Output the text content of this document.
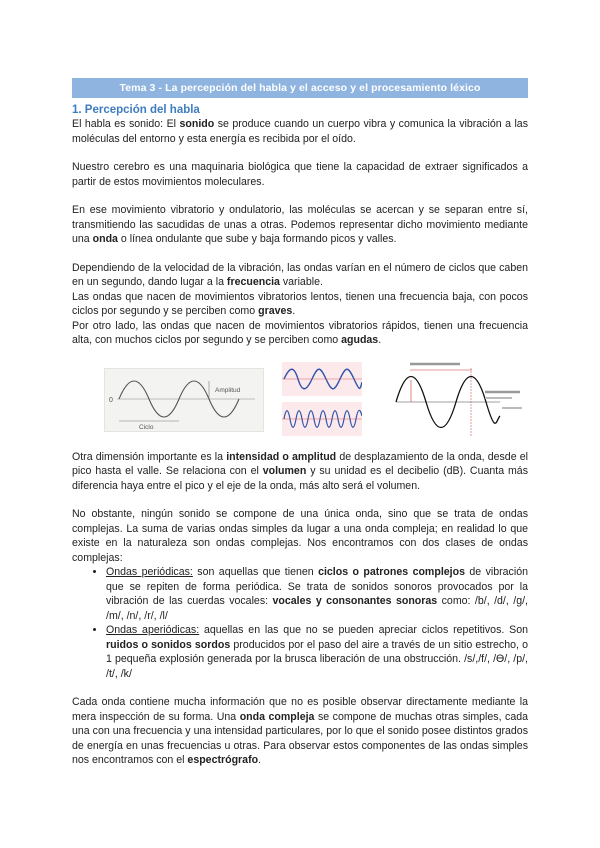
Tema 3 - La percepción del habla y el acceso y el procesamiento léxico
1. Percepción del habla

El habla es sonido: El sonido se produce cuando un cuerpo vibra y comunica la vibración a las moléculas del entorno y esta energía es recibida por el oído.

Nuestro cerebro es una maquinaria biológica que tiene la capacidad de extraer significados a partir de estos movimientos moleculares.

En ese movimiento vibratorio y ondulatorio, las moléculas se acercan y se separan entre sí, transmitiendo las sacudidas de unas a otras. Podemos representar dicho movimiento mediante una onda o línea ondulante que sube y baja formando picos y valles.

Dependiendo de la velocidad de la vibración, las ondas varían en el número de ciclos que caben en un segundo, dando lugar a la frecuencia variable.

Las ondas que nacen de movimientos vibratorios lentos, tienen una frecuencia baja, con pocos ciclos por segundo y se perciben como graves.

Por otro lado, las ondas que nacen de movimientos vibratorios rápidos, tienen una frecuencia alta, con muchos ciclos por segundo y se perciben como agudas.

0
Amplitud
Ciclo

Otra dimensión importante es la intensidad o amplitud de desplazamiento de la onda, desde el pico hasta el valle. Se relaciona con el volumen y su unidad es el decibelio (dB). Cuanta más diferencia haya entre el pico y el eje de la onda, más alto será el volumen.

No obstante, ningún sonido se compone de una única onda, sino que se trata de ondas complejas. La suma de varias ondas simples da lugar a una onda compleja; en realidad lo que existe en la naturaleza son ondas complejas. Nos encontramos con dos clases de ondas complejas:

• Ondas periódicas: son aquellas que tienen ciclos o patrones complejos de vibración que se repiten de forma periódica. Se trata de sonidos sonoros provocados por la vibración de las cuerdas vocales: vocales y consonantes sonoras como: /b/, /d/, /g/, /m/, /n/, /r/, /l/
• Ondas aperiódicas: aquellas en las que no se pueden apreciar ciclos repetitivos. Son ruidos o sonidos sordos producidos por el paso del aire a través de un sitio estrecho, o 1 pequeña explosión generada por la brusca liberación de una obstrucción. /s/,/f/, /Ɵ/, /p/, /t/, /k/

Cada onda contiene mucha información que no es posible observar directamente mediante la mera inspección de su forma. Una onda compleja se compone de muchas otras simples, cada una con una frecuencia y una intensidad particulares, por lo que el sonido posee distintos grados de energía en unas frecuencias u otras. Para observar estos componentes de las ondas simples nos encontramos con el espectrógrafo.
